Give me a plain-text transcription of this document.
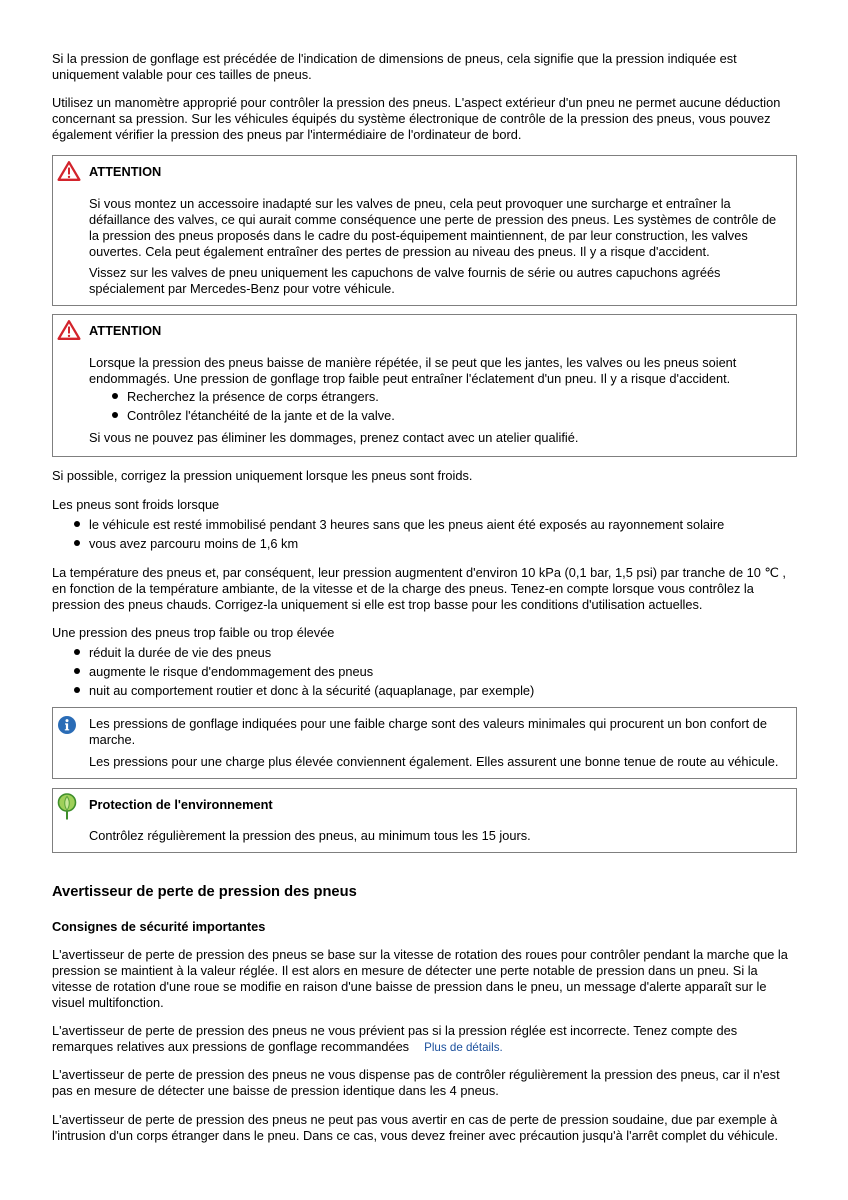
Si la pression de gonflage est précédée de l'indication de dimensions de pneus, cela signifie que la pression indiquée est
uniquement valable pour ces tailles de pneus.
Utilisez un manomètre approprié pour contrôler la pression des pneus. L'aspect extérieur d'un pneu ne permet aucune déduction
concernant sa pression. Sur les véhicules équipés du système électronique de contrôle de la pression des pneus, vous pouvez
également vérifier la pression des pneus par l'intermédiaire de l'ordinateur de bord.
ATTENTION
Si vous montez un accessoire inadapté sur les valves de pneu, cela peut provoquer une surcharge et entraîner la
défaillance des valves, ce qui aurait comme conséquence une perte de pression des pneus. Les systèmes de contrôle de
la pression des pneus proposés dans le cadre du post-équipement maintiennent, de par leur construction, les valves
ouvertes. Cela peut également entraîner des pertes de pression au niveau des pneus. Il y a risque d'accident.
Vissez sur les valves de pneu uniquement les capuchons de valve fournis de série ou autres capuchons agréés
spécialement par Mercedes-Benz pour votre véhicule.
ATTENTION
Lorsque la pression des pneus baisse de manière répétée, il se peut que les jantes, les valves ou les pneus soient
endommagés. Une pression de gonflage trop faible peut entraîner l'éclatement d'un pneu. Il y a risque d'accident.
Recherchez la présence de corps étrangers.
Contrôlez l'étanchéité de la jante et de la valve.
Si vous ne pouvez pas éliminer les dommages, prenez contact avec un atelier qualifié.
Si possible, corrigez la pression uniquement lorsque les pneus sont froids.
Les pneus sont froids lorsque
le véhicule est resté immobilisé pendant 3 heures sans que les pneus aient été exposés au rayonnement solaire
vous avez parcouru moins de 1,6 km
La température des pneus et, par conséquent, leur pression augmentent d'environ 10 kPa (0,1 bar, 1,5 psi) par tranche de 10 ℃ ,
en fonction de la température ambiante, de la vitesse et de la charge des pneus. Tenez-en compte lorsque vous contrôlez la
pression des pneus chauds. Corrigez-la uniquement si elle est trop basse pour les conditions d'utilisation actuelles.
Une pression des pneus trop faible ou trop élevée
réduit la durée de vie des pneus
augmente le risque d'endommagement des pneus
nuit au comportement routier et donc à la sécurité (aquaplanage, par exemple)
Les pressions de gonflage indiquées pour une faible charge sont des valeurs minimales qui procurent un bon confort de
marche.
Les pressions pour une charge plus élevée conviennent également. Elles assurent une bonne tenue de route au véhicule.
Protection de l'environnement
Contrôlez régulièrement la pression des pneus, au minimum tous les 15 jours.
Avertisseur de perte de pression des pneus
Consignes de sécurité importantes
L'avertisseur de perte de pression des pneus se base sur la vitesse de rotation des roues pour contrôler pendant la marche que la
pression se maintient à la valeur réglée. Il est alors en mesure de détecter une perte notable de pression dans un pneu. Si la
vitesse de rotation d'une roue se modifie en raison d'une baisse de pression dans le pneu, un message d'alerte apparaît sur le
visuel multifonction.
L'avertisseur de perte de pression des pneus ne vous prévient pas si la pression réglée est incorrecte. Tenez compte des
remarques relatives aux pressions de gonflage recommandées Plus de détails.
L'avertisseur de perte de pression des pneus ne vous dispense pas de contrôler régulièrement la pression des pneus, car il n'est
pas en mesure de détecter une baisse de pression identique dans les 4 pneus.
L'avertisseur de perte de pression des pneus ne peut pas vous avertir en cas de perte de pression soudaine, due par exemple à
l'intrusion d'un corps étranger dans le pneu. Dans ce cas, vous devez freiner avec précaution jusqu'à l'arrêt complet du véhicule.
